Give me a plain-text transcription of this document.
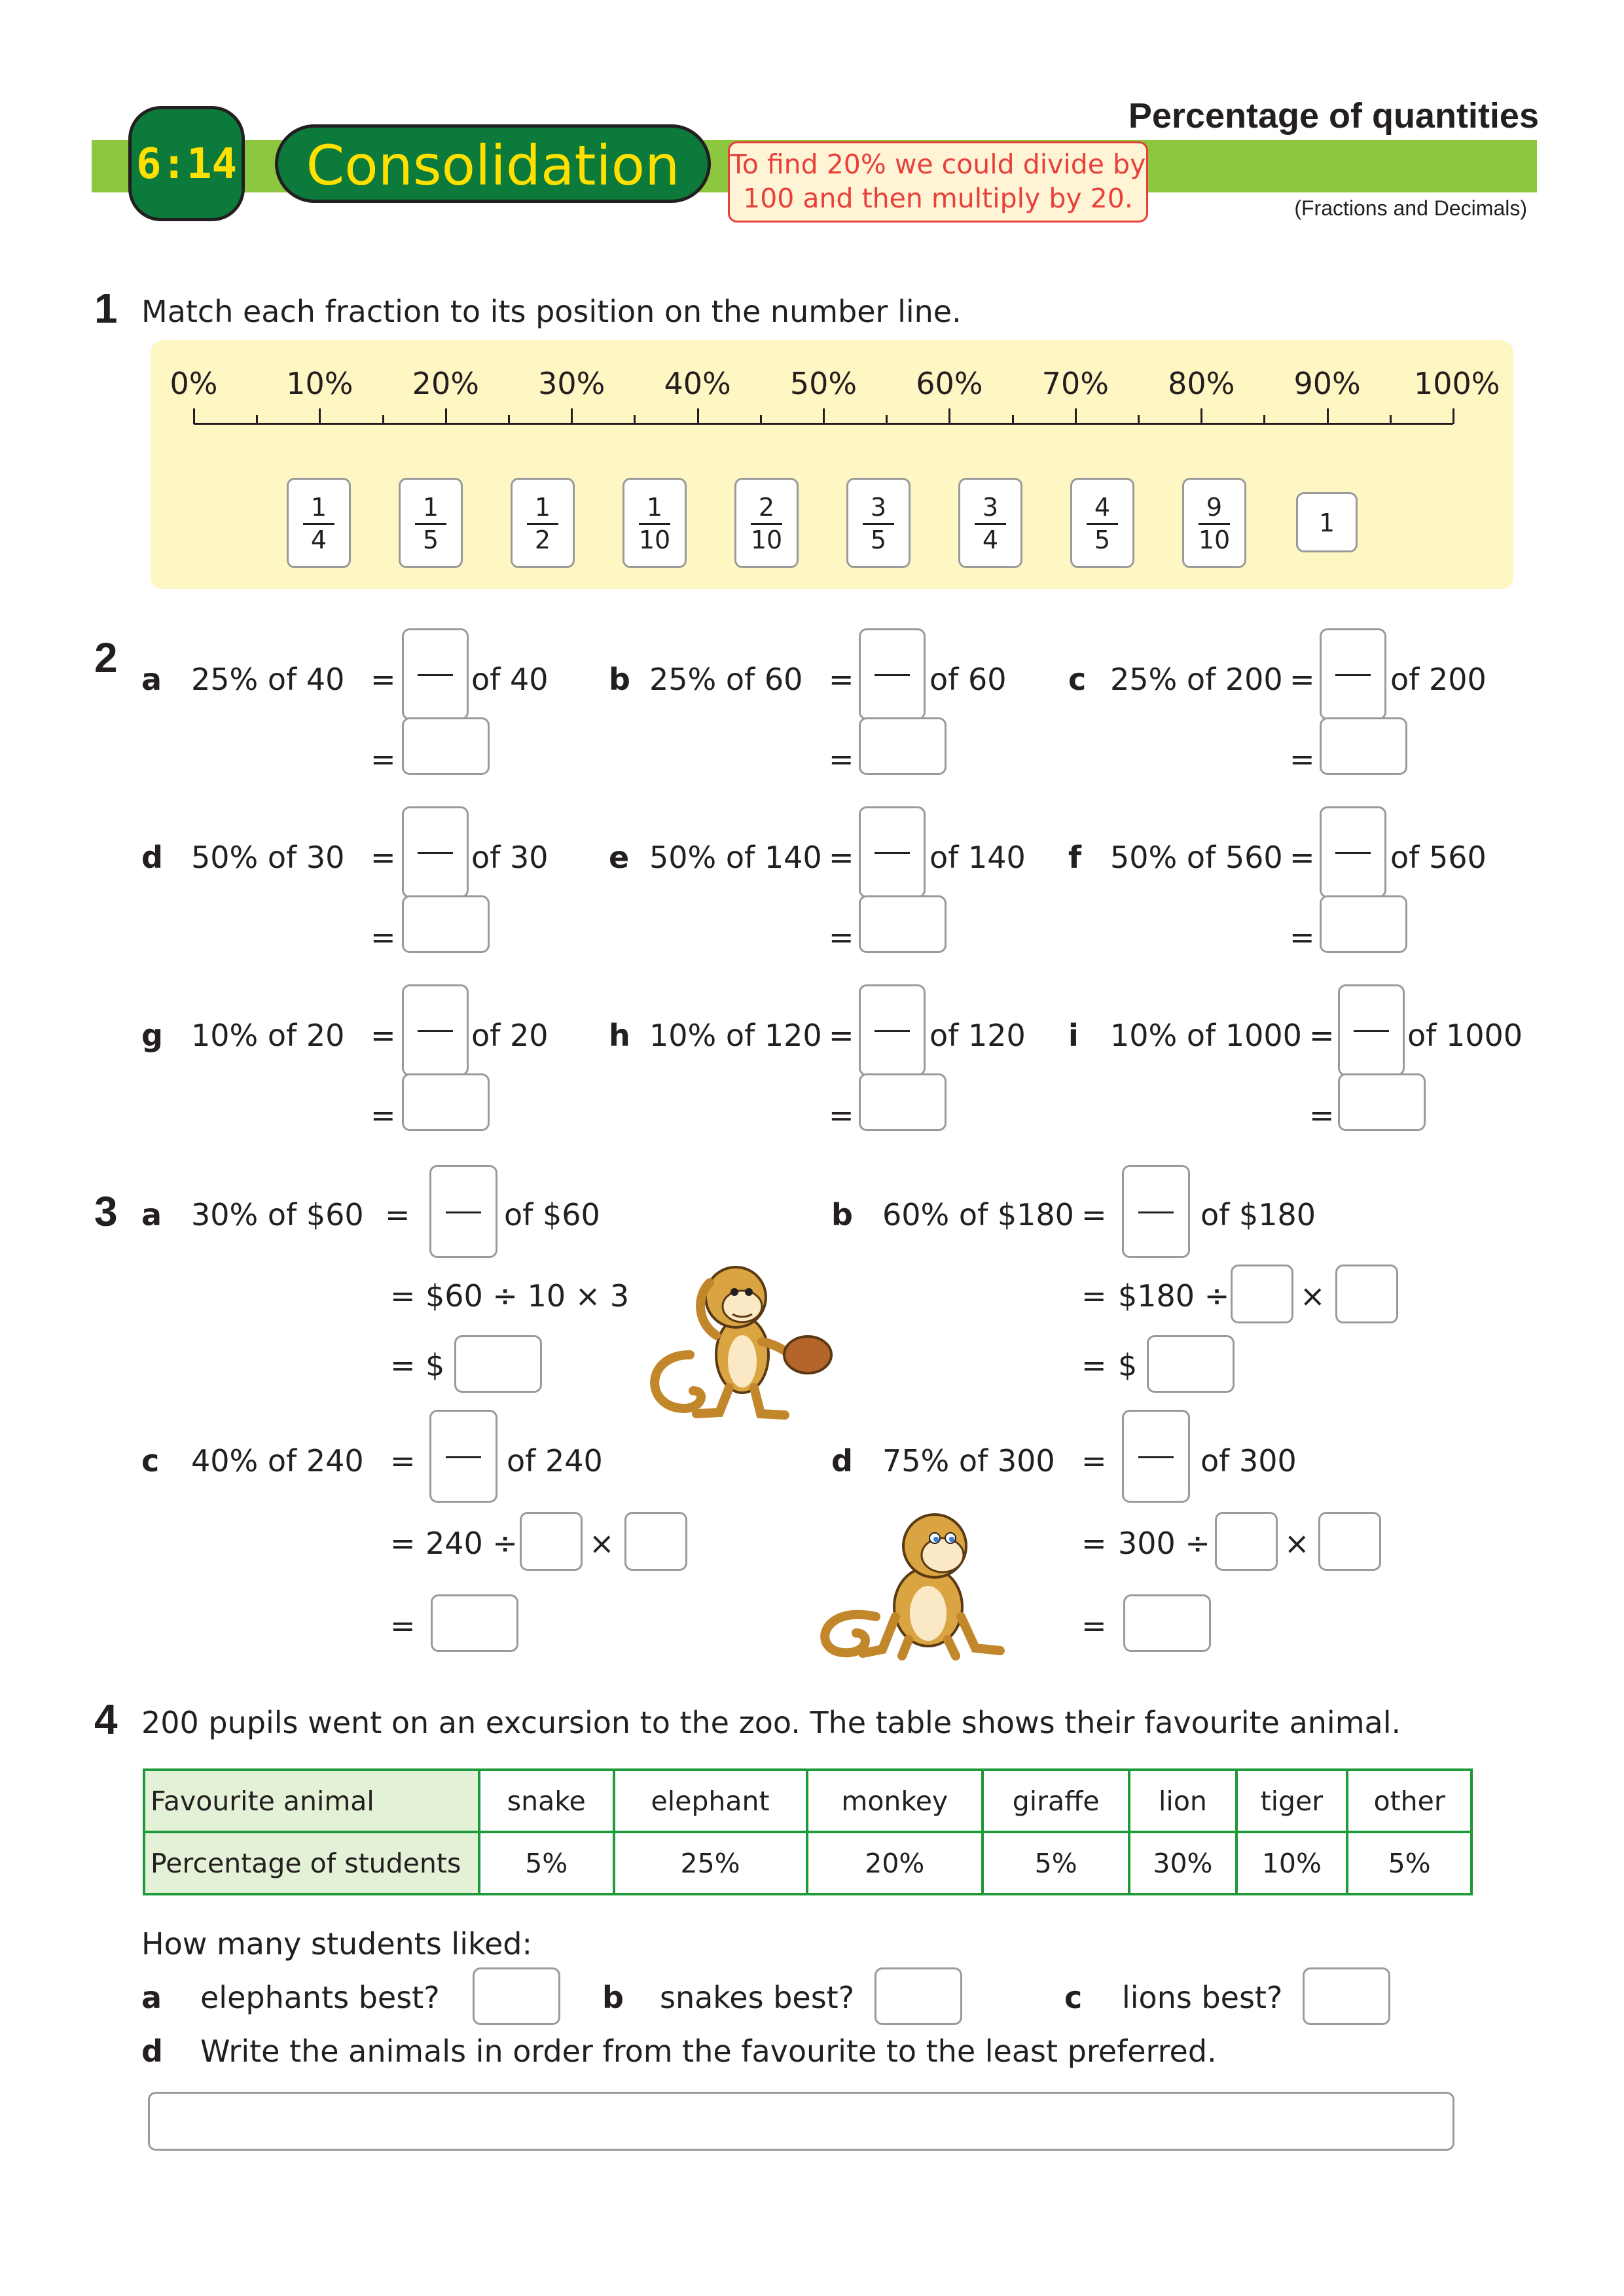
6:14	Consolidation	To find 20% we could divide by
100 and then multiply by 20.
Percentage of quantities
(Fractions and Decimals)
1 Match each fraction to its position on the number line.
0%	10% 20% 30% 40% 50% 60% 70% 80% 90% 100%
1
4
1
5
1
2
1
10
2
10
3
5
3
4
4
5
9
10
1
2 a 25% of 40 =	of 40
=
b 25% of 60 =	of 60
=
c 25% of 200 =	of 200
=
d 50% of 30 =	of 30
=
e 50% of 140 =	of 140
=
f 50% of 560 =	of 560
=
g 10% of 20 =	of 20
=
h 10% of 120 =	of 120
=
i 10% of 1000 = of 1000
=
3 a 30% of $60 =	of $60
= $60 ÷ 10 × 3
= $
b 60% of $180 =	of $180
= $180 ÷ ×
= $
c 40% of 240 =	of 240
= 240 ÷ ×
=
d 75% of 300 =	of 300
= 300 ÷ ×
=
4 200 pupils went on an excursion to the zoo. The table shows their favourite animal.
Favourite animal	snake	elephant	monkey	giraffe	lion	tiger	other
Percentage of students	5%	25%	20%	5%	30%	10%	5%
How many students liked:
a elephants best?	b snakes best?	c lions best?
d Write the animals in order from the favourite to the least preferred.
